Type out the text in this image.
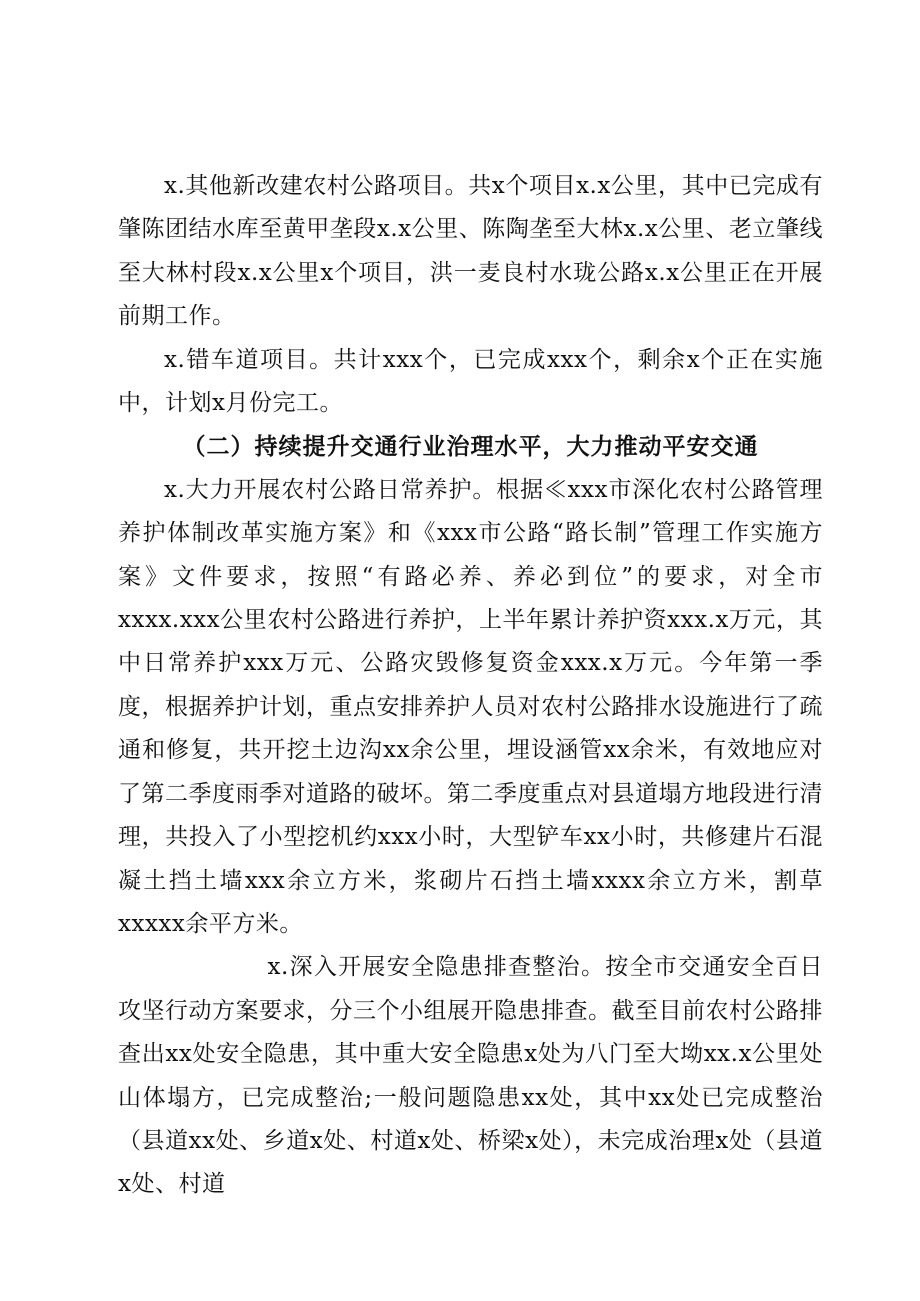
x.其他新改建农村公路项目。共x个项目x.x公里，其中已完成有肇陈团结水库至黄甲垄段x.x公里、陈陶垄至大林x.x公里、老立肇线至大林村段x.x公里x个项目，洪一麦良村水珑公路x.x公里正在开展前期工作。

x.错车道项目。共计xxx个，已完成xxx个，剩余x个正在实施中，计划x月份完工。

（二）持续提升交通行业治理水平，大力推动平安交通

x.大力开展农村公路日常养护。根据≪xxx市深化农村公路管理养护体制改革实施方案》和《xxx市公路“路长制”管理工作实施方案》文件要求，按照“有路必养、养必到位”的要求，对全市xxxx.xxx公里农村公路进行养护，上半年累计养护资xxx.x万元，其中日常养护xxx万元、公路灾毁修复资金xxx.x万元。今年第一季度，根据养护计划，重点安排养护人员对农村公路排水设施进行了疏通和修复，共开挖土边沟xx余公里，埋设涵管xx余米，有效地应对了第二季度雨季对道路的破坏。第二季度重点对县道塌方地段进行清理，共投入了小型挖机约xxx小时，大型铲车xx小时，共修建片石混凝土挡土墙xxx余立方米，浆砌片石挡土墙xxxx余立方米，割草xxxxx余平方米。

x.深入开展安全隐患排查整治。按全市交通安全百日攻坚行动方案要求，分三个小组展开隐患排查。截至目前农村公路排查出xx处安全隐患，其中重大安全隐患x处为八门至大坳xx.x公里处山体塌方，已完成整治;一般问题隐患xx处，其中xx处已完成整治（县道xx处、乡道x处、村道x处、桥梁x处），未完成治理x处（县道x处、村道
